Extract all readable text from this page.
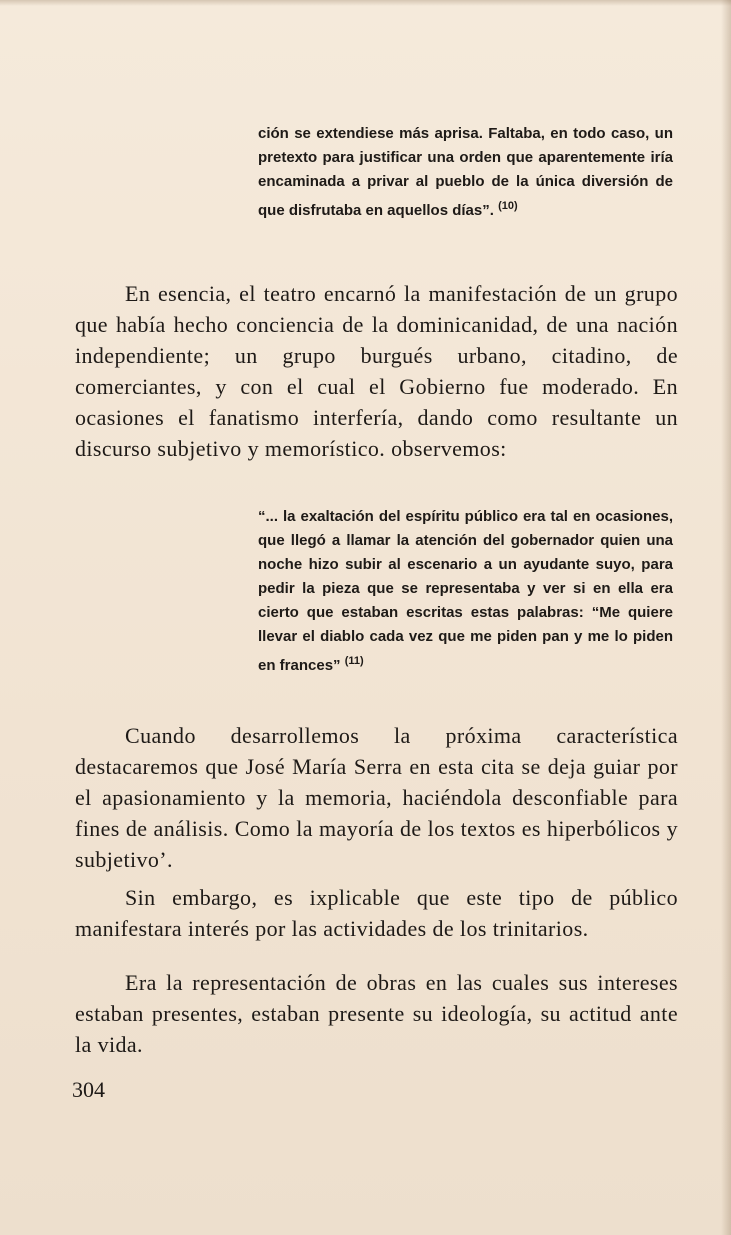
ción se extendiese más aprisa. Faltaba, en todo caso, un pretexto para justificar una orden que aparentemente iría encaminada a privar al pueblo de la única diversión de que disfrutaba en aquellos días”. $^{(10)}$

En esencia, el teatro encarnó la manifestación de un grupo que había hecho conciencia de la dominicanidad, de una nación independiente; un grupo burgués urbano, citadino, de comerciantes, y con el cual el Gobierno fue moderado. En ocasiones el fanatismo interfería, dando como resultante un discurso subjetivo y memorístico. observemos:

“... la exaltación del espíritu público era tal en ocasiones, que llegó a llamar la atención del gobernador quien una noche hizo subir al escenario a un ayudante suyo, para pedir la pieza que se representaba y ver si en ella era cierto que estaban escritas estas palabras: “Me quiere llevar el diablo cada vez que me piden pan y me lo piden en frances” $^{(11)}$

Cuando desarrollemos la próxima característica destacaremos que José María Serra en esta cita se deja guiar por el apasionamiento y la memoria, haciéndola desconfiable para fines de análisis. Como la mayoría de los textos es hiperbólicos y subjetivo’.

Sin embargo, es ixplicable que este tipo de público manifestara interés por las actividades de los trinitarios.

Era la representación de obras en las cuales sus intereses estaban presentes, estaban presente su ideología, su actitud ante la vida.

304
